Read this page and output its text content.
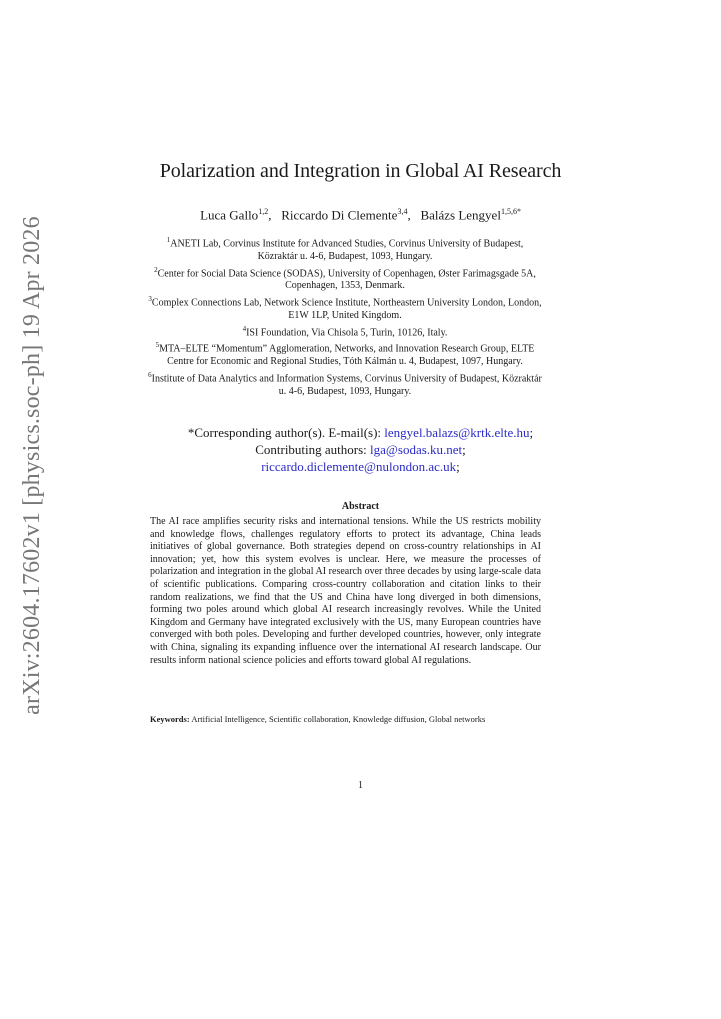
arXiv:2604.17602v1 [physics.soc-ph] 19 Apr 2026
Polarization and Integration in Global AI Research
Luca Gallo$^{1,2}$,   Riccardo Di Clemente$^{3,4}$,   Balázs Lengyel$^{1,5,6*}$
$^1$ANETI Lab, Corvinus Institute for Advanced Studies, Corvinus University of Budapest, Közraktár u. 4-6, Budapest, 1093, Hungary.
$^2$Center for Social Data Science (SODAS), University of Copenhagen, Øster Farimagsgade 5A, Copenhagen, 1353, Denmark.
$^3$Complex Connections Lab, Network Science Institute, Northeastern University London, London, E1W 1LP, United Kingdom.
$^4$ISI Foundation, Via Chisola 5, Turin, 10126, Italy.
$^5$MTA–ELTE “Momentum” Agglomeration, Networks, and Innovation Research Group, ELTE Centre for Economic and Regional Studies, Tóth Kálmán u. 4, Budapest, 1097, Hungary.
$^6$Institute of Data Analytics and Information Systems, Corvinus University of Budapest, Közraktár u. 4-6, Budapest, 1093, Hungary.
*Corresponding author(s). E-mail(s): lengyel.balazs@krtk.elte.hu;
Contributing authors: lga@sodas.ku.net;
riccardo.diclemente@nulondon.ac.uk;
Abstract
The AI race amplifies security risks and international tensions. While the US restricts mobility and knowledge flows, challenges regulatory efforts to protect its advantage, China leads initiatives of global governance. Both strategies depend on cross-country relationships in AI innovation; yet, how this system evolves is unclear. Here, we measure the processes of polarization and integration in the global AI research over three decades by using large-scale data of scientific publications. Comparing cross-country collaboration and citation links to their random realizations, we find that the US and China have long diverged in both dimensions, forming two poles around which global AI research increasingly revolves. While the United Kingdom and Germany have integrated exclusively with the US, many European countries have converged with both poles. Developing and further developed countries, however, only integrate with China, signaling its expanding influence over the international AI research landscape. Our results inform national science policies and efforts toward global AI regulations.
Keywords: Artificial Intelligence, Scientific collaboration, Knowledge diffusion, Global networks
1
